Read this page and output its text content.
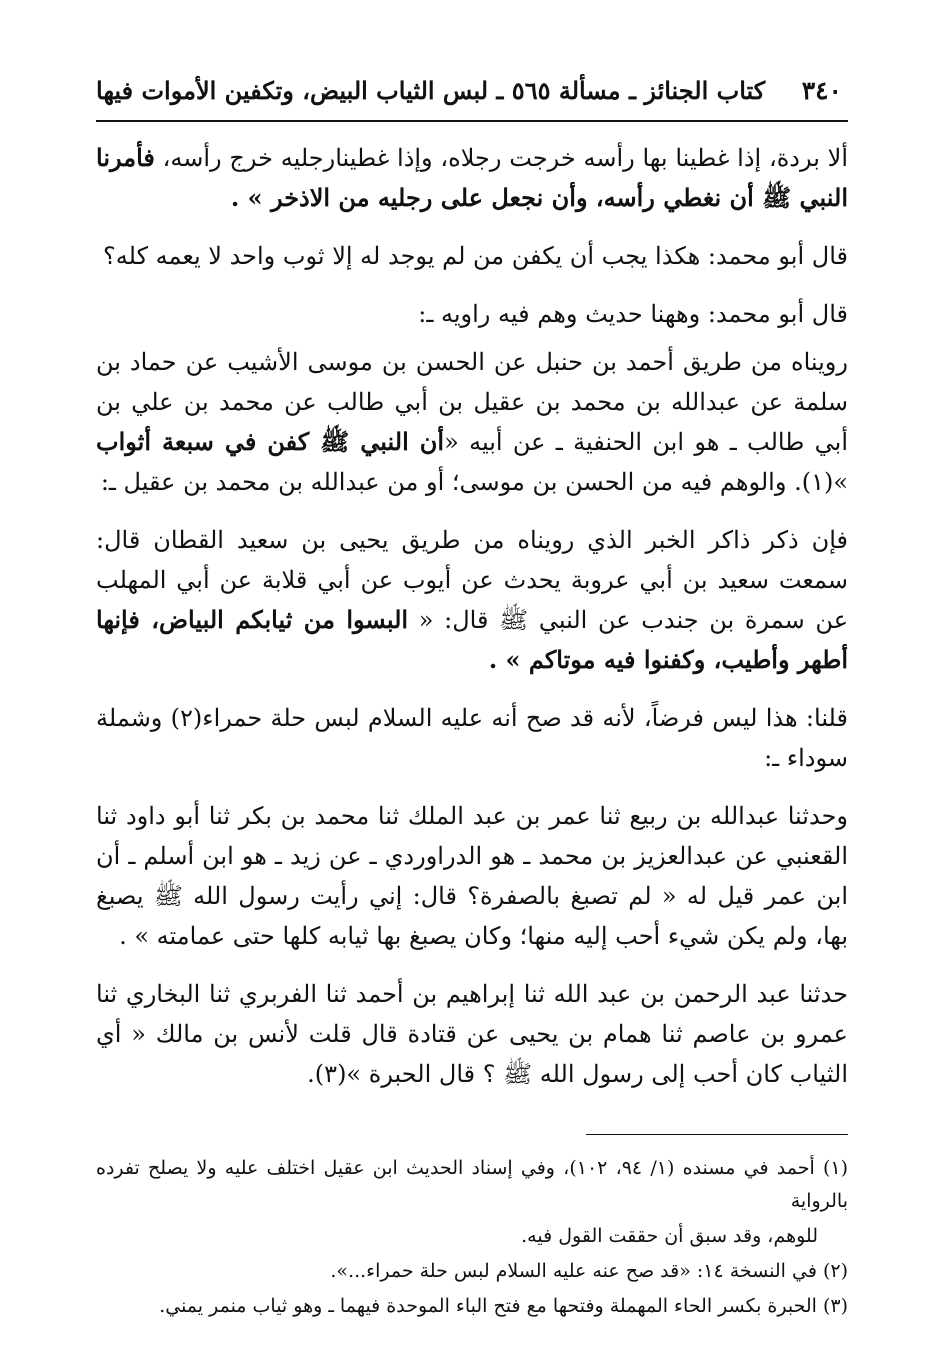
٣٤٠
كتاب الجنائز ـ مسألة ٥٦٥ ـ لبس الثياب البيض، وتكفين الأموات فيها

ألا بردة، إذا غطينا بها رأسه خرجت رجلاه، وإذا غطينارجليه خرج رأسه، فأمرنا النبي ﷺ أن نغطي رأسه، وأن نجعل على رجليه من الاذخر » .

قال أبو محمد: هكذا يجب أن يكفن من لم يوجد له إلا ثوب واحد لا يعمه كله؟

قال أبو محمد: وههنا حديث وهم فيه راويه ـ:

رويناه من طريق أحمد بن حنبل عن الحسن بن موسى الأشيب عن حماد بن سلمة عن عبدالله بن محمد بن عقيل بن أبي طالب عن محمد بن علي بن أبي طالب ـ هو ابن الحنفية ـ عن أبيه «أن النبي ﷺ كفن في سبعة أثواب »(١). والوهم فيه من الحسن بن موسى؛ أو من عبدالله بن محمد بن عقيل ـ:

فإن ذكر ذاكر الخبر الذي رويناه من طريق يحيى بن سعيد القطان قال: سمعت سعيد بن أبي عروبة يحدث عن أيوب عن أبي قلابة عن أبي المهلب عن سمرة بن جندب عن النبي ﷺ قال: « البسوا من ثيابكم البياض، فإنها أطهر وأطيب، وكفنوا فيه موتاكم » .

قلنا: هذا ليس فرضاً، لأنه قد صح أنه عليه السلام لبس حلة حمراء(٢) وشملة سوداء ـ:

وحدثنا عبدالله بن ربيع ثنا عمر بن عبد الملك ثنا محمد بن بكر ثنا أبو داود ثنا القعنبي عن عبدالعزيز بن محمد ـ هو الدراوردي ـ عن زيد ـ هو ابن أسلم ـ أن ابن عمر قيل له « لم تصبغ بالصفرة؟ قال: إني رأيت رسول الله ﷺ يصبغ بها، ولم يكن شيء أحب إليه منها؛ وكان يصبغ بها ثيابه كلها حتى عمامته » .

حدثنا عبد الرحمن بن عبد الله ثنا إبراهيم بن أحمد ثنا الفربري ثنا البخاري ثنا عمرو بن عاصم ثنا همام بن يحيى عن قتادة قال قلت لأنس بن مالك « أي الثياب كان أحب إلى رسول الله ﷺ ؟ قال الحبرة »(٣).

(١) أحمد في مسنده (١/ ٩٤، ١٠٢)، وفي إسناد الحديث ابن عقيل اختلف عليه ولا يصلح تفرده بالرواية

للوهم، وقد سبق أن حققت القول فيه.

(٢) في النسخة ١٤: «قد صح عنه عليه السلام لبس حلة حمراء...».

(٣) الحبرة بكسر الحاء المهملة وفتحها مع فتح الباء الموحدة فيهما ـ وهو ثياب منمر يمني.
